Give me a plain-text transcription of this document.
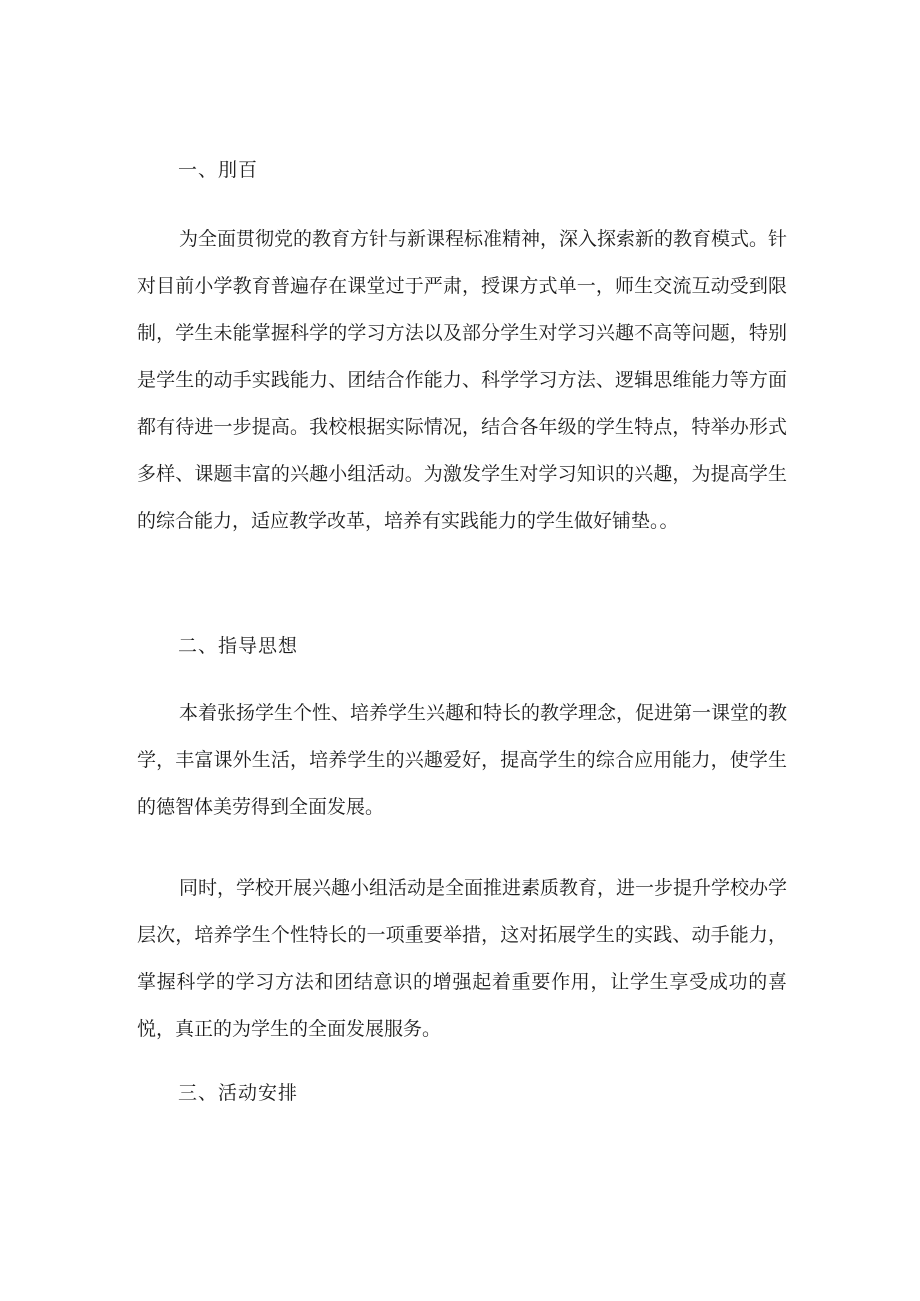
一、刖百

为全面贯彻党的教育方针与新课程标准精神，深入探索新的教育模式。针对目前小学教育普遍存在课堂过于严肃，授课方式单一，师生交流互动受到限制，学生未能掌握科学的学习方法以及部分学生对学习兴趣不高等问题，特别是学生的动手实践能力、团结合作能力、科学学习方法、逻辑思维能力等方面都有待进一步提高。我校根据实际情况，结合各年级的学生特点，特举办形式多样、课题丰富的兴趣小组活动。为激发学生对学习知识的兴趣，为提高学生的综合能力，适应教学改革，培养有实践能力的学生做好铺垫。。

二、指导思想

本着张扬学生个性、培养学生兴趣和特长的教学理念，促进第一课堂的教学，丰富课外生活，培养学生的兴趣爱好，提高学生的综合应用能力，使学生的德智体美劳得到全面发展。

同时，学校开展兴趣小组活动是全面推进素质教育，进一步提升学校办学层次，培养学生个性特长的一项重要举措，这对拓展学生的实践、动手能力，掌握科学的学习方法和团结意识的增强起着重要作用，让学生享受成功的喜悦，真正的为学生的全面发展服务。

三、活动安排
